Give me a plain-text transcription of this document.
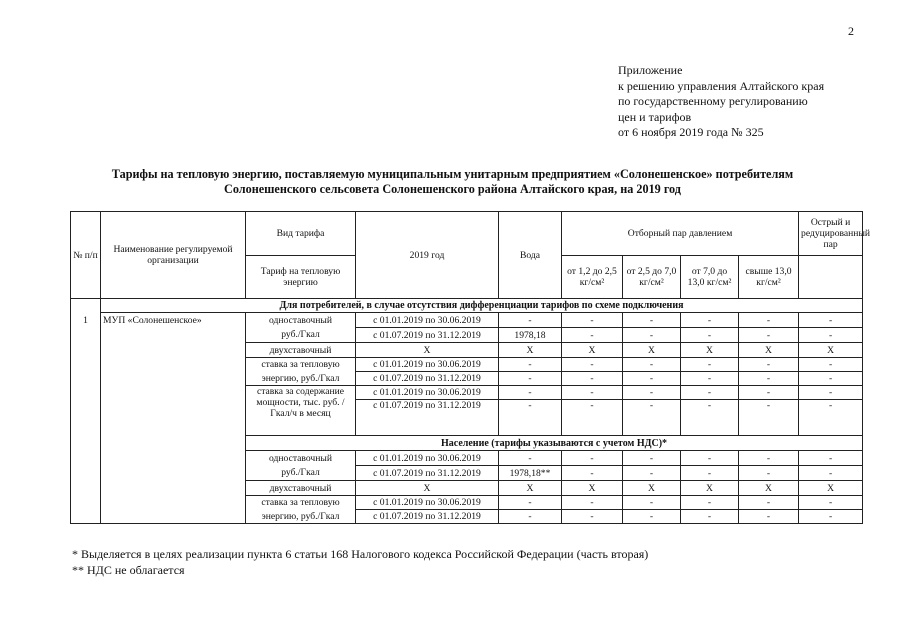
2
Приложение
к решению управления Алтайского края
по государственному регулированию
цен и тарифов
от 6 ноября 2019 года № 325
Тарифы на тепловую энергию, поставляемую муниципальным унитарным предприятием «Солонешенское» потребителям
Солонешенского сельсовета Солонешенского района Алтайского края, на 2019 год
№ п/п	Наименование регулируемой организации	Вид тарифа	2019 год	Вода	Отборный пар давлением				Острый и редуцированный пар
		Тариф на тепловую энергию			от 1,2 до 2,5 кг/см²	от 2,5 до 7,0 кг/см²	от 7,0 до 13,0 кг/см²	свыше 13,0 кг/см²	
	Для потребителей, в случае отсутствия дифференциации тарифов по схеме подключения								
1	МУП «Солонешенское»	одноставочный	с 01.01.2019 по 30.06.2019	-	-	-	-	-	-
		руб./Гкал	с 01.07.2019 по 31.12.2019	1978,18	-	-	-	-	-
		двухставочный	X	X	X	X	X	X	X
		ставка за тепловую	с 01.01.2019 по 30.06.2019	-	-	-	-	-	-
		энергию, руб./Гкал	с 01.07.2019 по 31.12.2019	-	-	-	-	-	-
		ставка за содержание мощности, тыс. руб. /Гкал/ч в месяц	с 01.01.2019 по 30.06.2019	-	-	-	-	-	-
			с 01.07.2019 по 31.12.2019	-	-	-	-	-	-
		Население (тарифы указываются с учетом НДС)*							
		одноставочный	с 01.01.2019 по 30.06.2019	-	-	-	-	-	-
		руб./Гкал	с 01.07.2019 по 31.12.2019	1978,18**	-	-	-	-	-
		двухставочный	X	X	X	X	X	X	X
		ставка за тепловую	с 01.01.2019 по 30.06.2019	-	-	-	-	-	-
		энергию, руб./Гкал	с 01.07.2019 по 31.12.2019	-	-	-	-	-	-
* Выделяется в целях реализации пункта 6 статьи 168 Налогового кодекса Российской Федерации (часть вторая)
** НДС не облагается
